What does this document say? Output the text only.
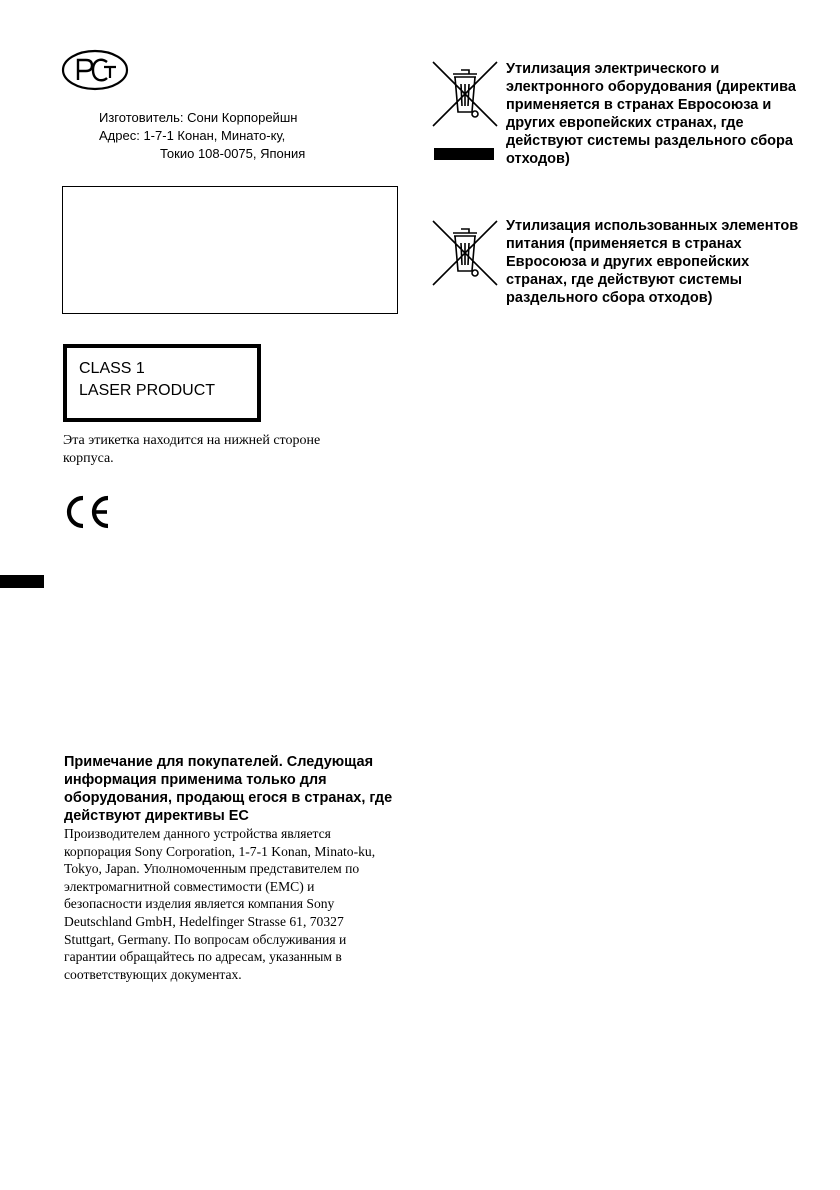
Изготовитель: Сони Корпорейшн
Адрес: 1-7-1 Конан, Минато-ку,
Токио 108-0075, Япония
CLASS 1
LASER PRODUCT
Эта этикетка находится на нижней стороне корпуса.
Примечание для покупателей. Следующая информация применима только для оборудования, продающ егося в странах, где действуют директивы ЕС
Производителем данного устройства является корпорация Sony Corporation, 1-7-1 Konan, Minato-ku, Tokyo, Japan. Уполномоченным представителем по электромагнитной совместимости (EMC) и безопасности изделия является компания Sony Deutschland GmbH, Hedelfinger Strasse 61, 70327 Stuttgart, Germany. По вопросам обслуживания и гарантии обращайтесь по адресам, указанным в соответствующих документах.
Утилизация электрического и электронного оборудования (директива применяется в странах Евросоюза и других европейских странах, где действуют системы раздельного сбора отходов)
Утилизация использованных элементов питания (применяется в странах Евросоюза и других европейских странах, где действуют системы раздельного сбора отходов)
